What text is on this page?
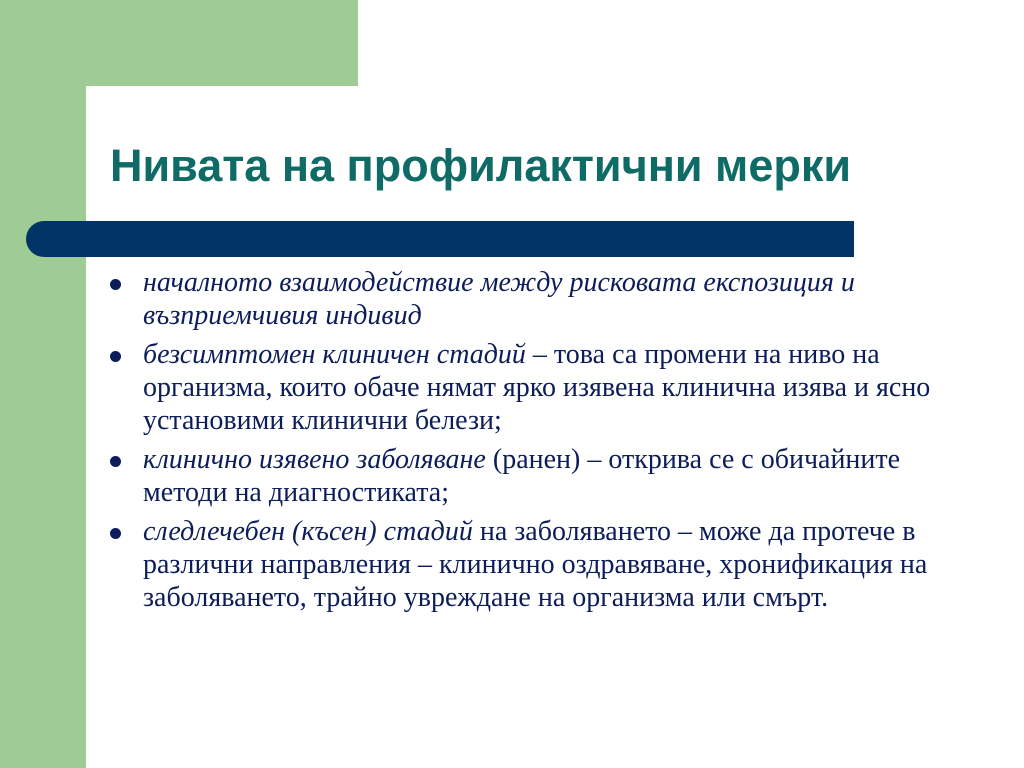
Нивата на профилактични мерки
началното взаимодействие между рисковата експозиция и възприемчивия индивид
безсимптомен клиничен стадий – това са промени на ниво на организма, които обаче нямат ярко изявена клинична изява и ясно установими клинични белези;
клинично изявено заболяване (ранен) – открива се с обичайните методи на диагностиката;
следлечебен (късен) стадий на заболяването – може да протече в различни направления – клинично оздравяване, хронификация на заболяването, трайно увреждане на организма или смърт.
